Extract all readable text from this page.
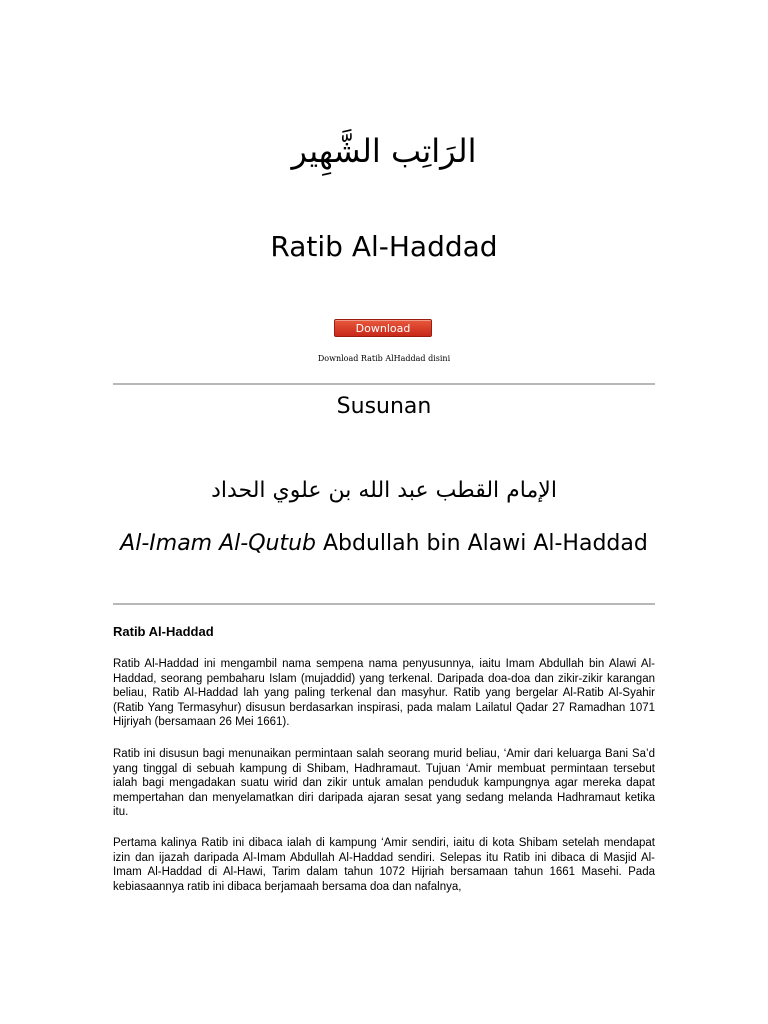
الرَاتِب الشَّهِير
Ratib Al-Haddad
Download
Download Ratib AlHaddad disini
Susunan
الإمام القطب عبد الله بن علوي الحداد
Al-Imam Al-Qutub Abdullah bin Alawi Al-Haddad
Ratib Al-Haddad

Ratib Al-Haddad ini mengambil nama sempena nama penyusunnya, iaitu Imam Abdullah bin Alawi Al-Haddad, seorang pembaharu Islam (mujaddid) yang terkenal. Daripada doa-doa dan zikir-zikir karangan beliau, Ratib Al-Haddad lah yang paling terkenal dan masyhur. Ratib yang bergelar Al-Ratib Al-Syahir (Ratib Yang Termasyhur) disusun berdasarkan inspirasi, pada malam Lailatul Qadar 27 Ramadhan 1071 Hijriyah (bersamaan 26 Mei 1661).

Ratib ini disusun bagi menunaikan permintaan salah seorang murid beliau, ‘Amir dari keluarga Bani Sa’d yang tinggal di sebuah kampung di Shibam, Hadhramaut. Tujuan ‘Amir membuat permintaan tersebut ialah bagi mengadakan suatu wirid dan zikir untuk amalan penduduk kampungnya agar mereka dapat mempertahan dan menyelamatkan diri daripada ajaran sesat yang sedang melanda Hadhramaut ketika itu.

Pertama kalinya Ratib ini dibaca ialah di kampung ‘Amir sendiri, iaitu di kota Shibam setelah mendapat izin dan ijazah daripada Al-Imam Abdullah Al-Haddad sendiri. Selepas itu Ratib ini dibaca di Masjid Al-Imam Al-Haddad di Al-Hawi, Tarim dalam tahun 1072 Hijriah bersamaan tahun 1661 Masehi. Pada kebiasaannya ratib ini dibaca berjamaah bersama doa dan nafalnya,
